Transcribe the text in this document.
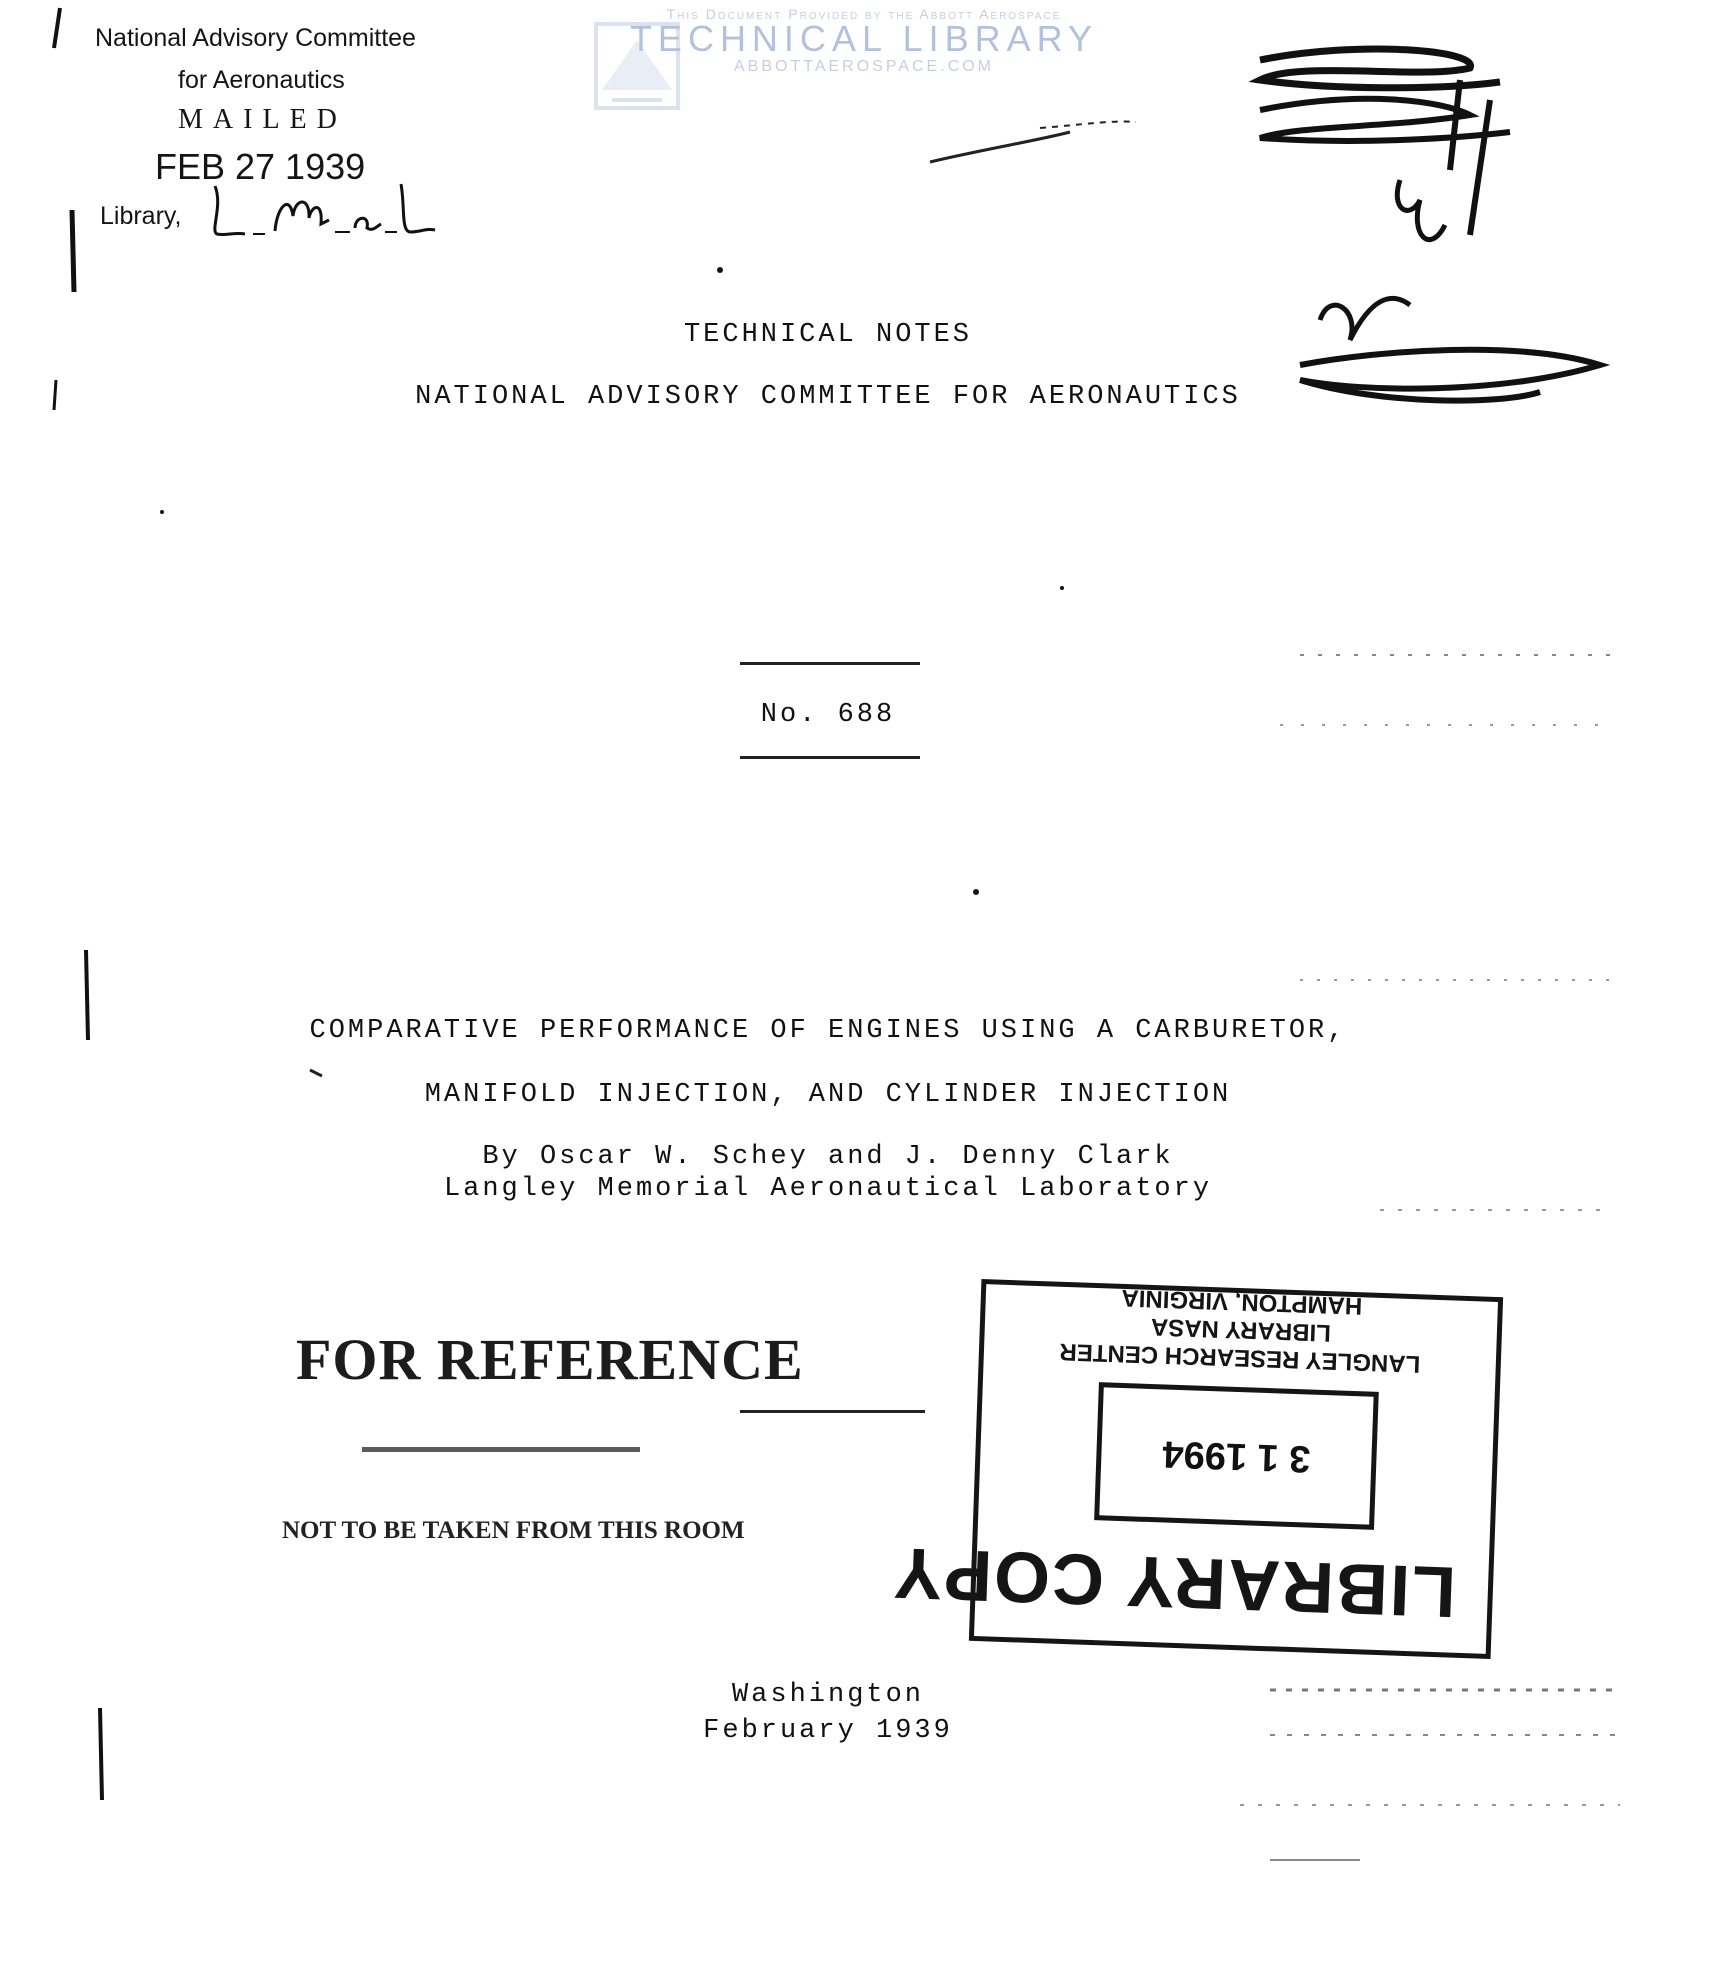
This Document Provided by the Abbott Aerospace
TECHNICAL LIBRARY
ABBOTTAEROSPACE.COM
National Advisory Committee
for Aeronautics
MAILED
FEB 27 1939
Library,
TECHNICAL NOTES
NATIONAL ADVISORY COMMITTEE FOR AERONAUTICS
No. 688
COMPARATIVE PERFORMANCE OF ENGINES USING A CARBURETOR,
MANIFOLD INJECTION, AND CYLINDER INJECTION
By Oscar W. Schey and J. Denny Clark
Langley Memorial Aeronautical Laboratory
FOR REFERENCE
NOT TO BE TAKEN FROM THIS ROOM
LIBRARY COPY
3 1 1994
LANGLEY RESEARCH CENTER
LIBRARY NASA
HAMPTON, VIRGINIA
Washington
February 1939
